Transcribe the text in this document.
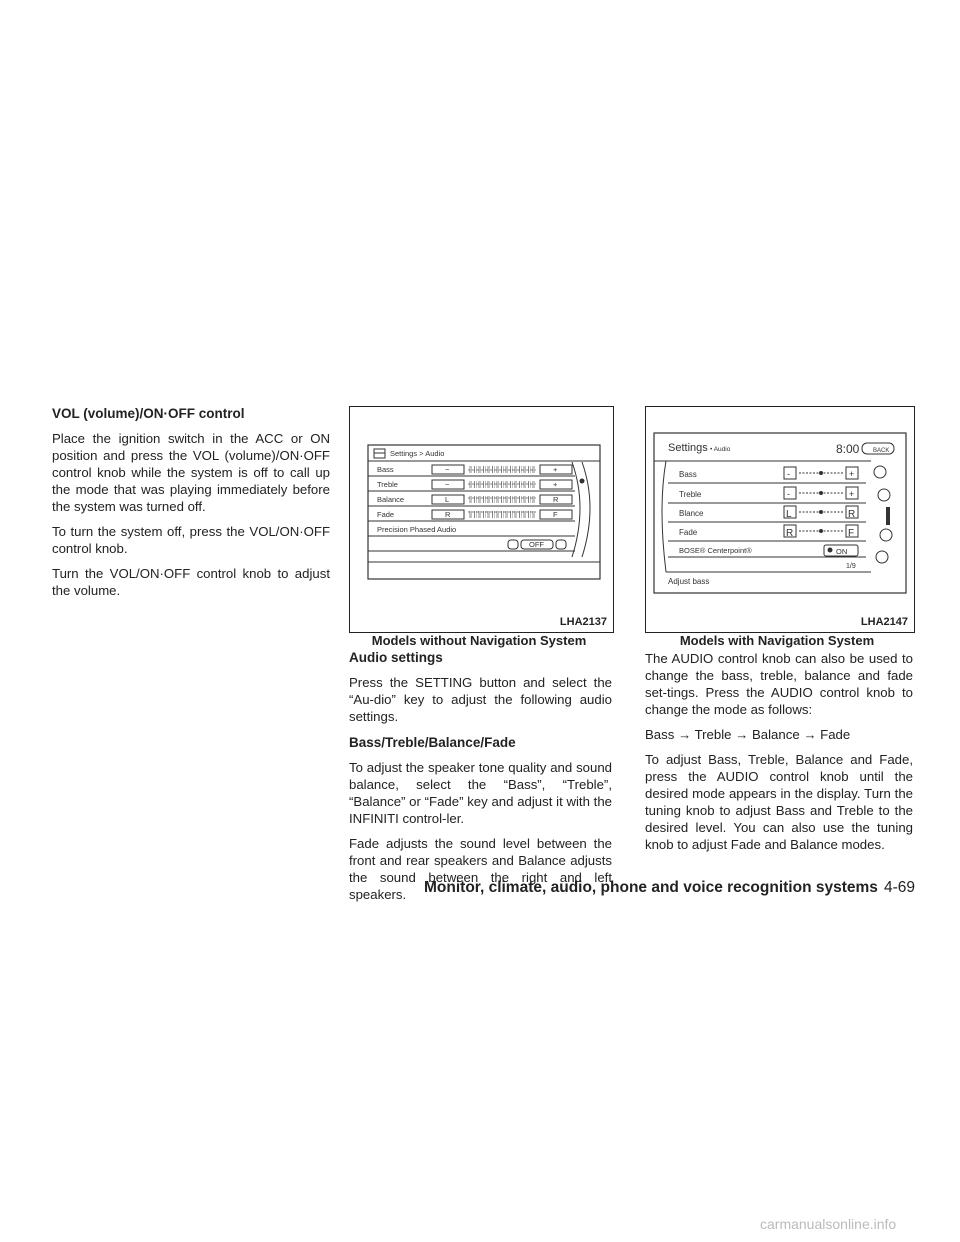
VOL (volume)/ON·OFF control

Place the ignition switch in the ACC or ON position and press the VOL (volume)/ON·OFF control knob while the system is off to call up the mode that was playing immediately before the system was turned off.

To turn the system off, press the VOL/ON·OFF control knob.

Turn the VOL/ON·OFF control knob to adjust the volume.

Settings > Audio
Bass
Treble
Balance
Fade
Precision Phased Audio
−
−
L
R
+
+
R
F
OFF
LHA2137
Models without Navigation System
Settings • Audio	8:00 BACK
Bass
Treble
Blance
Fade
BOSE® Centerpoint®
-
-
L
R
+
+
R
F
ON
1/9
Adjust bass
LHA2147
Models with Navigation System

Audio settings

Press the SETTING button and select the “Au-dio” key to adjust the following audio settings.

Bass/Treble/Balance/Fade

To adjust the speaker tone quality and sound balance, select the “Bass”, “Treble”, “Balance” or “Fade” key and adjust it with the INFINITI control-ler.

Fade adjusts the sound level between the front and rear speakers and Balance adjusts the sound between the right and left speakers.

The AUDIO control knob can also be used to change the bass, treble, balance and fade set-tings. Press the AUDIO control knob to change the mode as follows:

Bass → Treble → Balance → Fade

To adjust Bass, Treble, Balance and Fade, press the AUDIO control knob until the desired mode appears in the display. Turn the tuning knob to adjust Bass and Treble to the desired level. You can also use the tuning knob to adjust Fade and Balance modes.

Monitor, climate, audio, phone and voice recognition systems 4-69
carmanualsonline.info
